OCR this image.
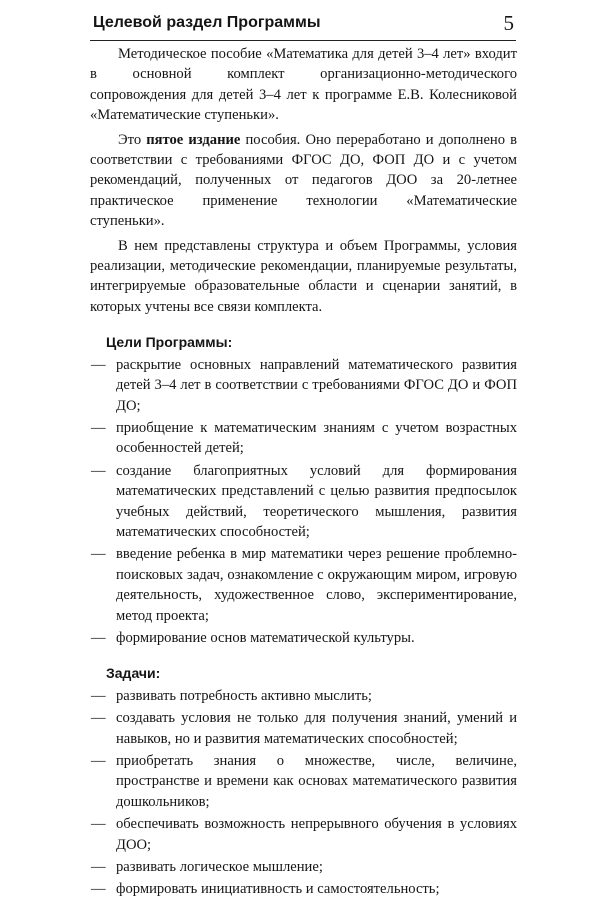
Целевой раздел Программы	5

Методическое пособие «Математика для детей 3–4 лет» входит в основной комплект организационно-методического сопровождения для детей 3–4 лет к программе Е.В. Колесниковой «Математические ступеньки».

Это пятое издание пособия. Оно переработано и дополнено в соответствии с требованиями ФГОС ДО, ФОП ДО и с учетом рекомендаций, полученных от педагогов ДОО за 20-летнее практическое применение технологии «Математические ступеньки».

В нем представлены структура и объем Программы, условия реализации, методические рекомендации, планируемые результаты, интегрируемые образовательные области и сценарии занятий, в которых учтены все связи комплекта.

Цели Программы:
— раскрытие основных направлений математического развития детей 3–4 лет в соответствии с требованиями ФГОС ДО и ФОП ДО;
— приобщение к математическим знаниям с учетом возрастных особенностей детей;
— создание благоприятных условий для формирования математических представлений с целью развития предпосылок учебных действий, теоретического мышления, развития математических способностей;
— введение ребенка в мир математики через решение проблемно-поисковых задач, ознакомление с окружающим миром, игровую деятельность, художественное слово, экспериментирование, метод проекта;
— формирование основ математической культуры.
Задачи:
— развивать потребность активно мыслить;
— создавать условия не только для получения знаний, умений и навыков, но и развития математических способностей;
— приобретать знания о множестве, числе, величине, пространстве и времени как основах математического развития дошкольников;
— обеспечивать возможность непрерывного обучения в условиях ДОО;
— развивать логическое мышление;
— формировать инициативность и самостоятельность;
